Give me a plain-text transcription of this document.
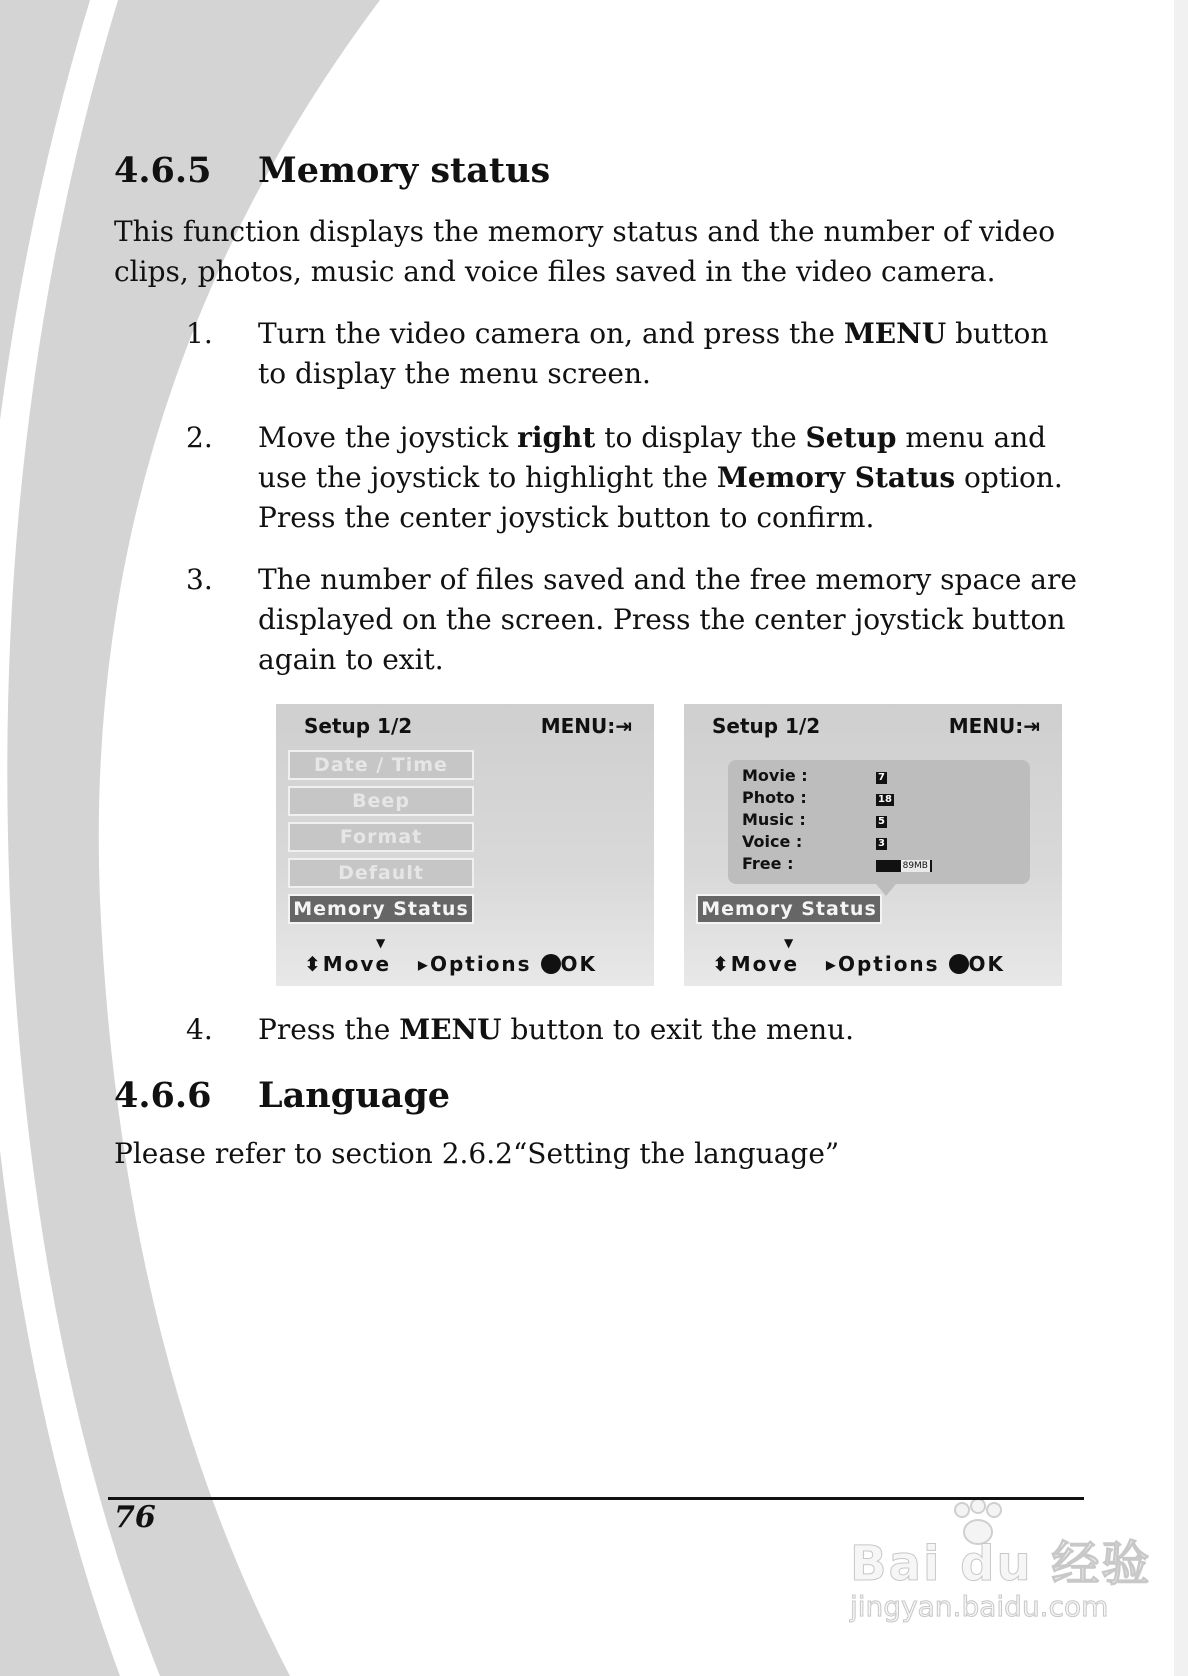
4.6.5 Memory status

This function displays the memory status and the number of video clips, photos, music and voice files saved in the video camera.

1. Turn the video camera on, and press the MENU button to display the menu screen.
2. Move the joystick right to display the Setup menu and use the joystick to highlight the Memory Status option. Press the center joystick button to confirm.
3. The number of files saved and the free memory space are displayed on the screen. Press the center joystick button again to exit.
Setup 1/2	MENU:⇥
Date / Time
Beep
Format
Default
Memory Status
▼
⬍Move ▸Options OK
Setup 1/2	MENU:⇥
Movie :	7
Photo :	18
Music :	5
Voice :	3
Free :	89MB
Memory Status
▼
⬍Move ▸Options OK
4. Press the MENU button to exit the menu.
4.6.6 Language

Please refer to section 2.6.2“Setting the language”

76
Bai du 经验
jingyan.baidu.com
